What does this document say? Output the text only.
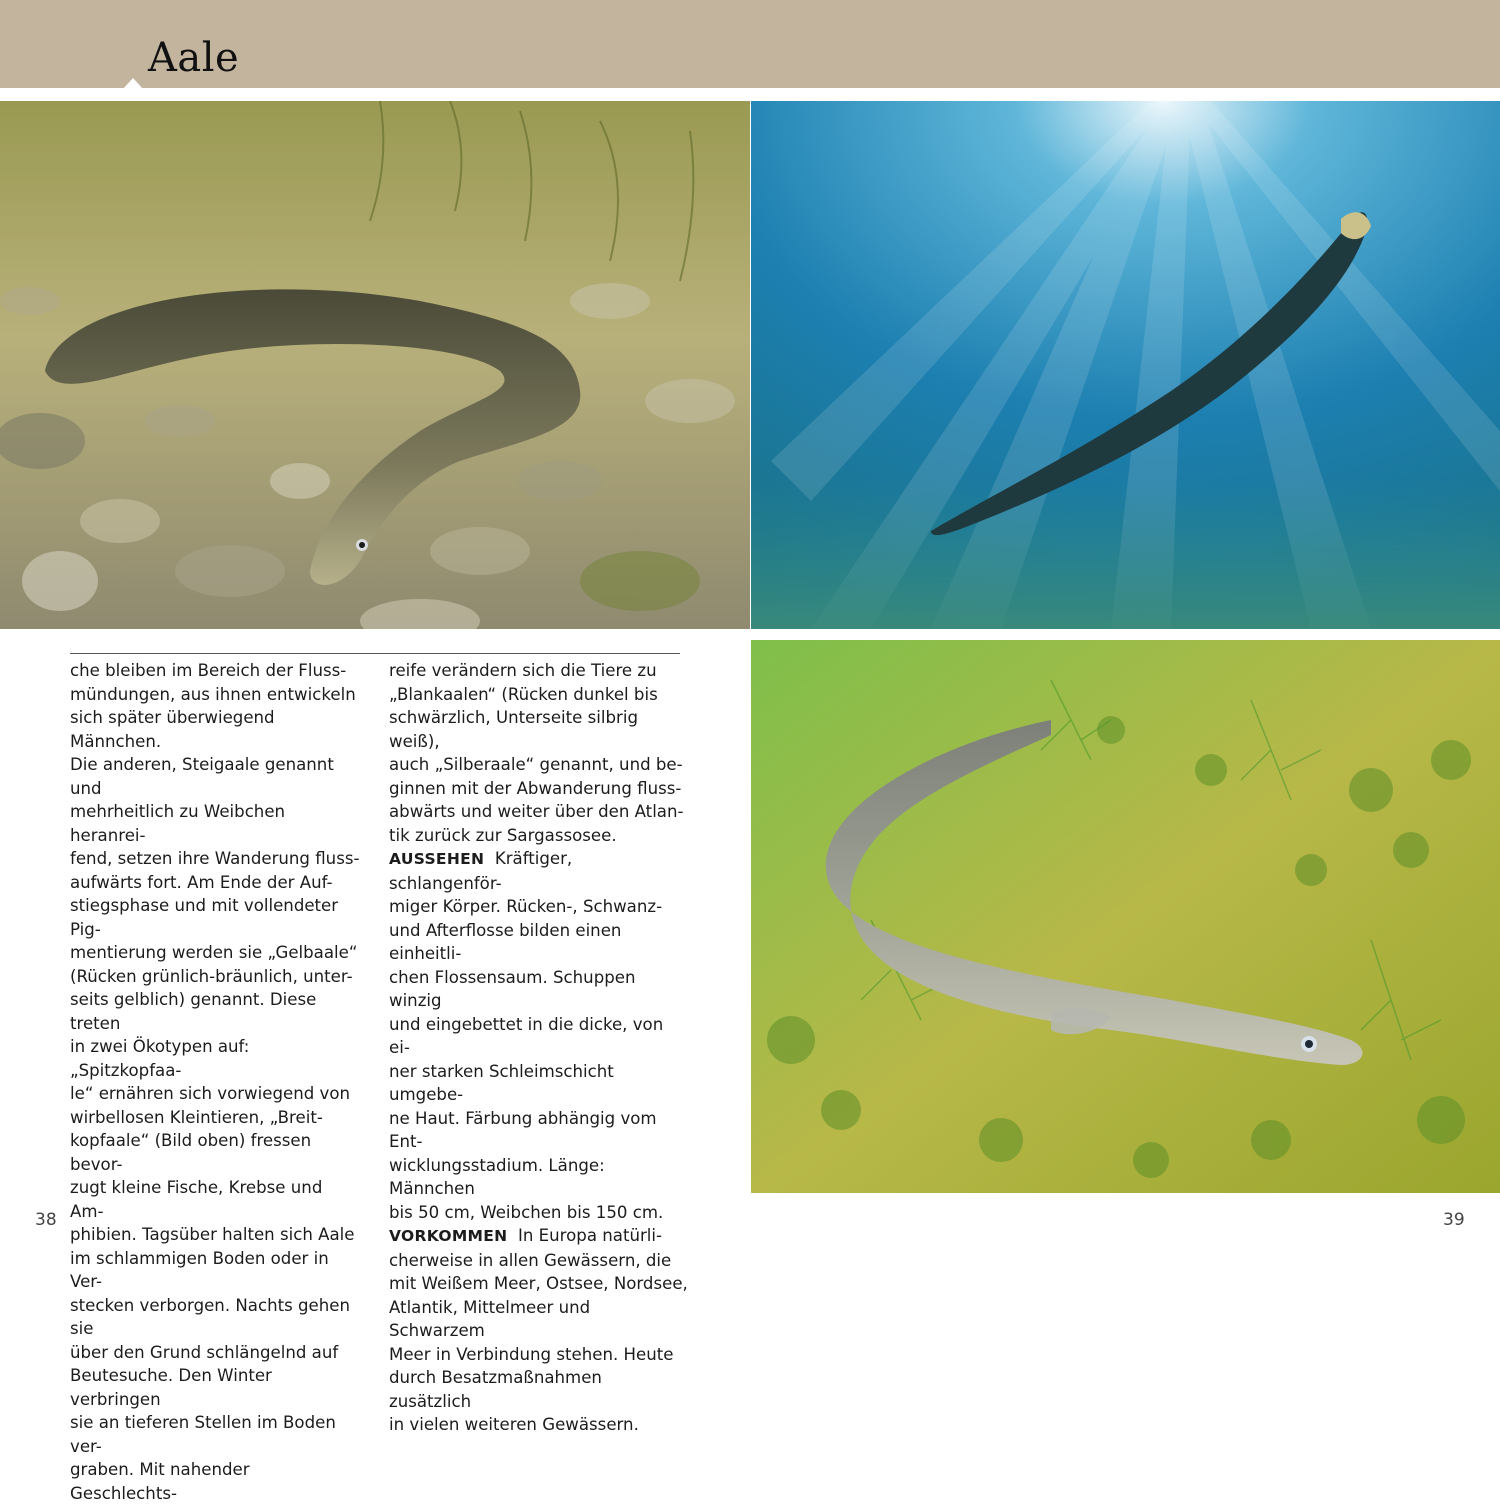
Aale
che bleiben im Bereich der Fluss-
mündungen, aus ihnen entwickeln
sich später überwiegend Männchen.
Die anderen, Steigaale genannt und
mehrheitlich zu Weibchen heranrei-
fend, setzen ihre Wanderung fluss-
aufwärts fort. Am Ende der Auf-
stiegsphase und mit vollendeter Pig-
mentierung werden sie „Gelbaale“
(Rücken grünlich-bräunlich, unter-
seits gelblich) genannt. Diese treten
in zwei Ökotypen auf: „Spitzkopfaa-
le“ ernähren sich vorwiegend von
wirbellosen Kleintieren, „Breit-
kopfaale“ (Bild oben) fressen bevor-
zugt kleine Fische, Krebse und Am-
phibien. Tagsüber halten sich Aale
im schlammigen Boden oder in Ver-
stecken verborgen. Nachts gehen sie
über den Grund schlängelnd auf
Beutesuche. Den Winter verbringen
sie an tieferen Stellen im Boden ver-
graben. Mit nahender Geschlechts-
reife verändern sich die Tiere zu
„Blankaalen“ (Rücken dunkel bis
schwärzlich, Unterseite silbrig weiß),
auch „Silberaale“ genannt, und be-
ginnen mit der Abwanderung fluss-
abwärts und weiter über den Atlan-
tik zurück zur Sargassosee.

AUSSEHEN Kräftiger, schlangenför-

miger Körper. Rücken-, Schwanz-
und Afterflosse bilden einen einheitli-
chen Flossensaum. Schuppen winzig
und eingebettet in die dicke, von ei-
ner starken Schleimschicht umgebe-
ne Haut. Färbung abhängig vom Ent-
wicklungsstadium. Länge: Männchen
bis 50 cm, Weibchen bis 150 cm.

VORKOMMEN In Europa natürli-

cherweise in allen Gewässern, die
mit Weißem Meer, Ostsee, Nordsee,
Atlantik, Mittelmeer und Schwarzem
Meer in Verbindung stehen. Heute
durch Besatzmaßnahmen zusätzlich
in vielen weiteren Gewässern.
38	39
